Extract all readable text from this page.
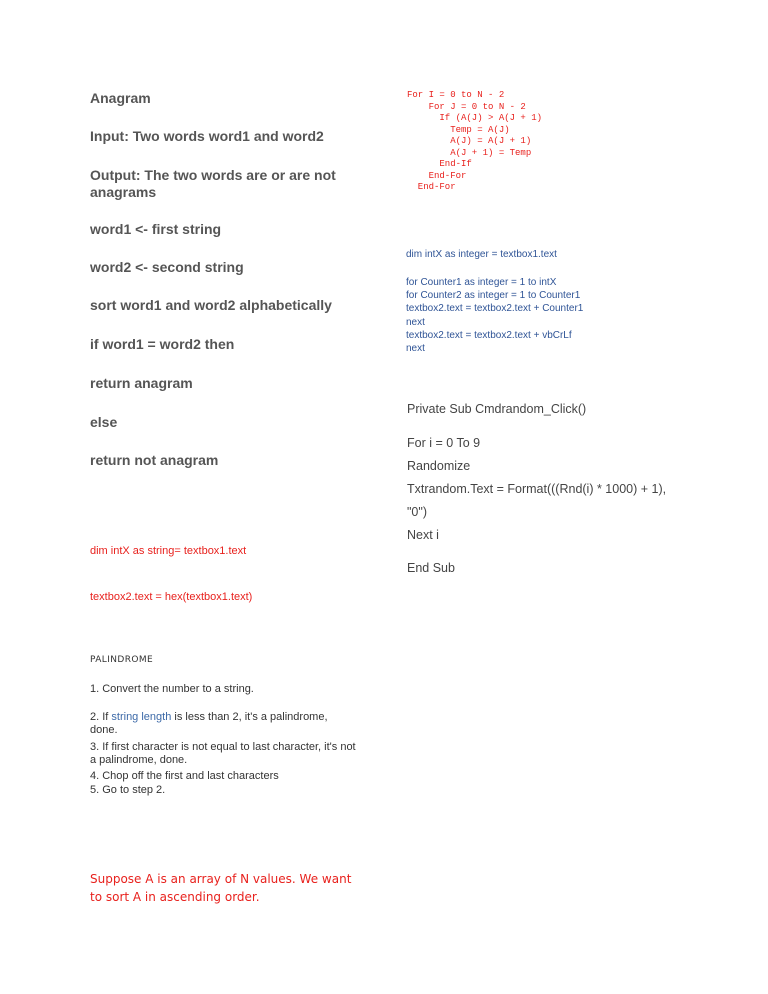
Anagram

Input: Two words word1 and word2

Output: The two words are or are not anagrams

word1 <- first string

word2 <- second string

sort word1 and word2 alphabetically

if word1 = word2 then

return anagram

else

return not anagram

dim intX as string= textbox1.text

textbox2.text = hex(textbox1.text)

PALINDROME

1. Convert the number to a string.

2. If string length is less than 2, it's a palindrome, done.

3. If first character is not equal to last character, it's not a palindrome, done.

4. Chop off the first and last characters

5. Go to step 2.

Suppose A is an array of N values. We want to sort A in ascending order.

For I = 0 to N - 2
For J = 0 to N - 2
If (A(J) > A(J + 1)
Temp = A(J)
A(J) = A(J + 1)
A(J + 1) = Temp
End-If
End-For
End-For

dim intX as integer = textbox1.text

for Counter1 as integer = 1 to intX
for Counter2 as integer = 1 to Counter1
textbox2.text = textbox2.text + Counter1
next
textbox2.text = textbox2.text + vbCrLf
next

Private Sub Cmdrandom_Click()

For i = 0 To 9

Randomize

Txtrandom.Text = Format(((Rnd(i) * 1000) + 1),

"0")

Next i

End Sub
